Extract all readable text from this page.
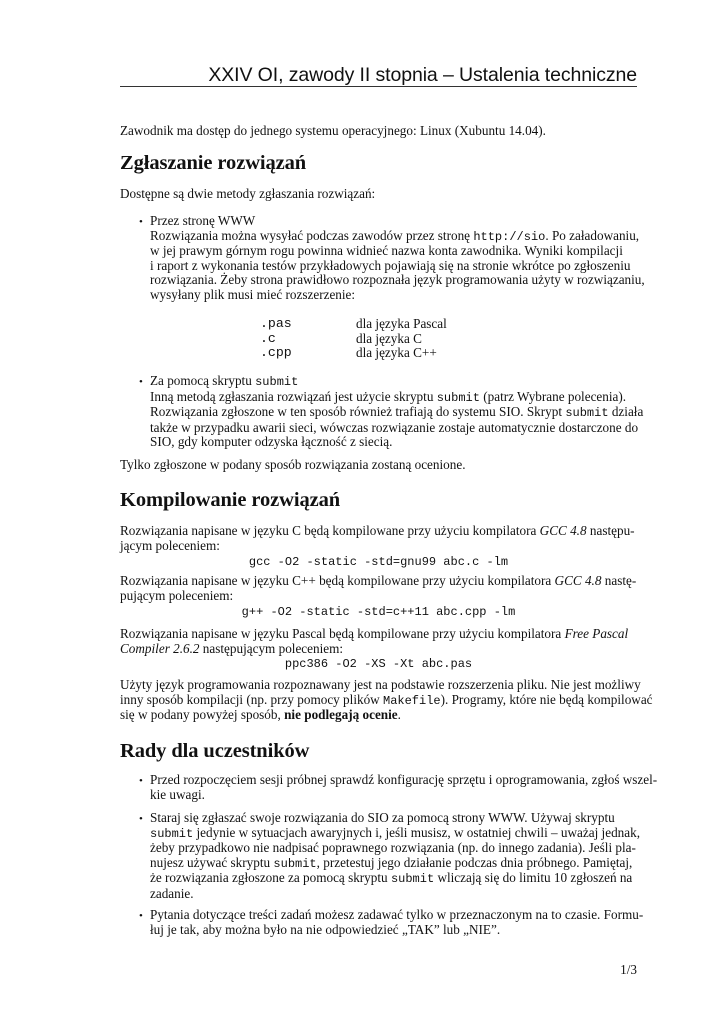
XXIV OI, zawody II stopnia – Ustalenia techniczne
Zawodnik ma dostęp do jednego systemu operacyjnego: Linux (Xubuntu 14.04).
Zgłaszanie rozwiązań
Dostępne są dwie metody zgłaszania rozwiązań:
• Przez stronę WWW
Rozwiązania można wysyłać podczas zawodów przez stronę http://sio. Po załadowaniu,
w jej prawym górnym rogu powinna widnieć nazwa konta zawodnika. Wyniki kompilacji
i raport z wykonania testów przykładowych pojawiają się na stronie wkrótce po zgłoszeniu
rozwiązania. Żeby strona prawidłowo rozpoznała język programowania użyty w rozwiązaniu,
wysyłany plik musi mieć rozszerzenie:
.pas	dla języka Pascal
.c	dla języka C
.cpp	dla języka C++
• Za pomocą skryptu submit
Inną metodą zgłaszania rozwiązań jest użycie skryptu submit (patrz Wybrane polecenia).
Rozwiązania zgłoszone w ten sposób również trafiają do systemu SIO. Skrypt submit działa
także w przypadku awarii sieci, wówczas rozwiązanie zostaje automatycznie dostarczone do
SIO, gdy komputer odzyska łączność z siecią.
Tylko zgłoszone w podany sposób rozwiązania zostaną ocenione.
Kompilowanie rozwiązań
Rozwiązania napisane w języku C będą kompilowane przy użyciu kompilatora GCC 4.8 następu-
jącym poleceniem:
gcc -O2 -static -std=gnu99 abc.c -lm
Rozwiązania napisane w języku C++ będą kompilowane przy użyciu kompilatora GCC 4.8 nastę-
pującym poleceniem:
g++ -O2 -static -std=c++11 abc.cpp -lm
Rozwiązania napisane w języku Pascal będą kompilowane przy użyciu kompilatora Free Pascal
Compiler 2.6.2 następującym poleceniem:
ppc386 -O2 -XS -Xt abc.pas
Użyty język programowania rozpoznawany jest na podstawie rozszerzenia pliku. Nie jest możliwy
inny sposób kompilacji (np. przy pomocy plików Makefile). Programy, które nie będą kompilować
się w podany powyżej sposób, nie podlegają ocenie.
Rady dla uczestników
• Przed rozpoczęciem sesji próbnej sprawdź konfigurację sprzętu i oprogramowania, zgłoś wszel-
kie uwagi.
• Staraj się zgłaszać swoje rozwiązania do SIO za pomocą strony WWW. Używaj skryptu
submit jedynie w sytuacjach awaryjnych i, jeśli musisz, w ostatniej chwili – uważaj jednak,
żeby przypadkowo nie nadpisać poprawnego rozwiązania (np. do innego zadania). Jeśli pla-
nujesz używać skryptu submit, przetestuj jego działanie podczas dnia próbnego. Pamiętaj,
że rozwiązania zgłoszone za pomocą skryptu submit wliczają się do limitu 10 zgłoszeń na
zadanie.
• Pytania dotyczące treści zadań możesz zadawać tylko w przeznaczonym na to czasie. Formu-
łuj je tak, aby można było na nie odpowiedzieć „TAK” lub „NIE”.
1/3
